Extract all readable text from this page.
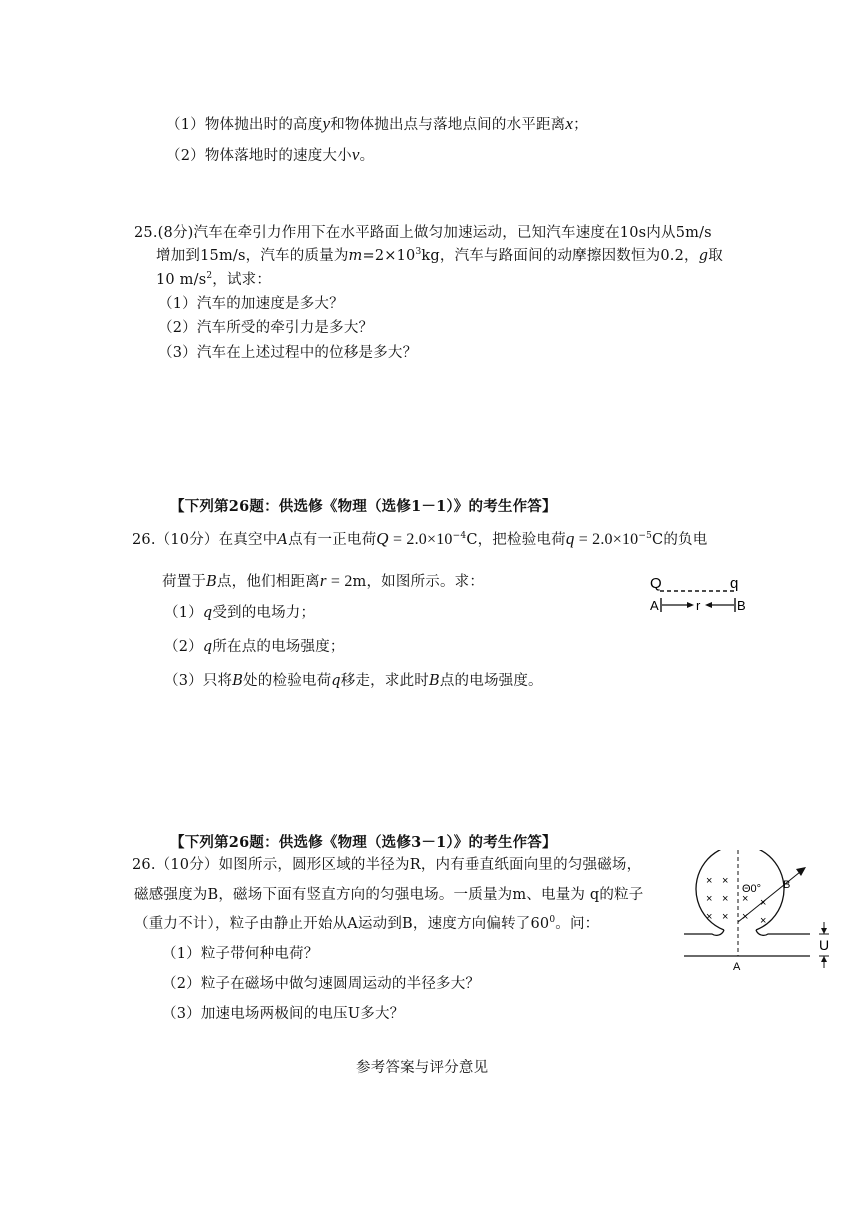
（1）物体抛出时的高度y和物体抛出点与落地点间的水平距离x；
（2）物体落地时的速度大小v。
25.(8分)汽车在牵引力作用下在水平路面上做匀加速运动，已知汽车速度在10s内从5m/s
增加到15m/s，汽车的质量为$m=2\times 10^3kg$，汽车与路面间的动摩擦因数恒为0.2，g取
10 $m/s^2$，试求：
（1）汽车的加速度是多大？
（2）汽车所受的牵引力是多大？
（3）汽车在上述过程中的位移是多大？
【下列第26题：供选修《物理（选修1－1）》的考生作答】
26.（10分）在真空中A点有一正电荷$Q = 2.0\times 10^{-4}C$，把检验电荷$q = 2.0\times 10^{-5}C$的负电
荷置于B点，他们相距离r = 2m，如图所示。求：
（1）q受到的电场力；
（2）q所在点的电场强度；
（3）只将B处的检验电荷q移走，求此时B点的电场强度。
Q	q
A	r	B
【下列第26题：供选修《物理（选修3－1）》的考生作答】
26.（10分）如图所示，圆形区域的半径为R，内有垂直纸面向里的匀强磁场，
磁感强度为B，磁场下面有竖直方向的匀强电场。一质量为m、电量为 q的粒子
（重力不计），粒子由静止开始从A运动到B，速度方向偏转了$60^0$。问：
（1）粒子带何种电荷？
（2）粒子在磁场中做匀速圆周运动的半径多大？
（3）加速电场两极间的电压U多大？
Θ0° B
A
× ×
× × × ×
× × × ×
U
参考答案与评分意见
